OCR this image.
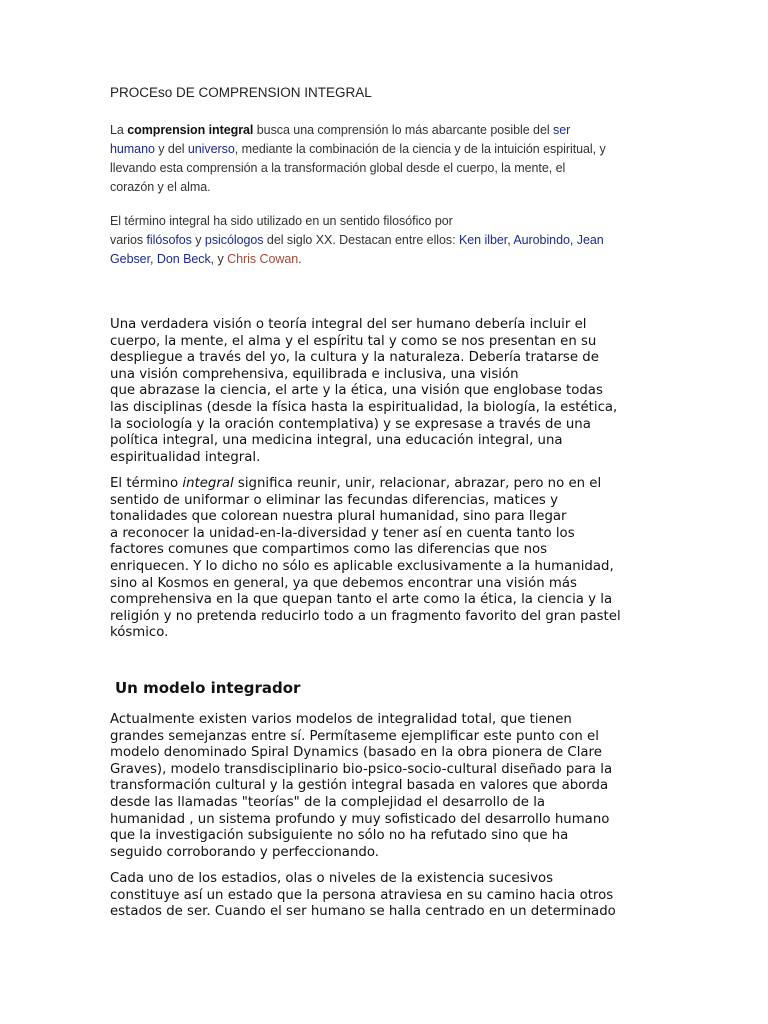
PROCEso DE COMPRENSION INTEGRAL
La comprension integral busca una comprensión lo más abarcante posible del ser
humano y del universo, mediante la combinación de la ciencia y de la intuición espiritual, y
llevando esta comprensión a la transformación global desde el cuerpo, la mente, el
corazón y el alma.
El término integral ha sido utilizado en un sentido filosófico por
varios filósofos y psicólogos del siglo XX. Destacan entre ellos: Ken ilber, Aurobindo, Jean
Gebser, Don Beck, y Chris Cowan.
Una verdadera visión o teoría integral del ser humano debería incluir el
cuerpo, la mente, el alma y el espíritu tal y como se nos presentan en su
despliegue a través del yo, la cultura y la naturaleza. Debería tratarse de
una visión comprehensiva, equilibrada e inclusiva, una visión
que abrazase la ciencia, el arte y la ética, una visión que englobase todas
las disciplinas (desde la física hasta la espiritualidad, la biología, la estética,
la sociología y la oración contemplativa) y se expresase a través de una
política integral, una medicina integral, una educación integral, una
espiritualidad integral.
El término integral significa reunir, unir, relacionar, abrazar, pero no en el
sentido de uniformar o eliminar las fecundas diferencias, matices y
tonalidades que colorean nuestra plural humanidad, sino para llegar
a reconocer la unidad-en-la-diversidad y tener así en cuenta tanto los
factores comunes que compartimos como las diferencias que nos
enriquecen. Y lo dicho no sólo es aplicable exclusivamente a la humanidad,
sino al Kosmos en general, ya que debemos encontrar una visión más
comprehensiva en la que quepan tanto el arte como la ética, la ciencia y la
religión y no pretenda reducirlo todo a un fragmento favorito del gran pastel
kósmico.
Un modelo integrador
Actualmente existen varios modelos de integralidad total, que tienen
grandes semejanzas entre sí. Permítaseme ejemplificar este punto con el
modelo denominado Spiral Dynamics (basado en la obra pionera de Clare
Graves), modelo transdisciplinario bio-psico-socio-cultural diseñado para la
transformación cultural y la gestión integral basada en valores que aborda
desde las llamadas "teorías" de la complejidad el desarrollo de la
humanidad , un sistema profundo y muy sofisticado del desarrollo humano
que la investigación subsiguiente no sólo no ha refutado sino que ha
seguido corroborando y perfeccionando.
Cada uno de los estadios, olas o niveles de la existencia sucesivos
constituye así un estado que la persona atraviesa en su camino hacia otros
estados de ser. Cuando el ser humano se halla centrado en un determinado
